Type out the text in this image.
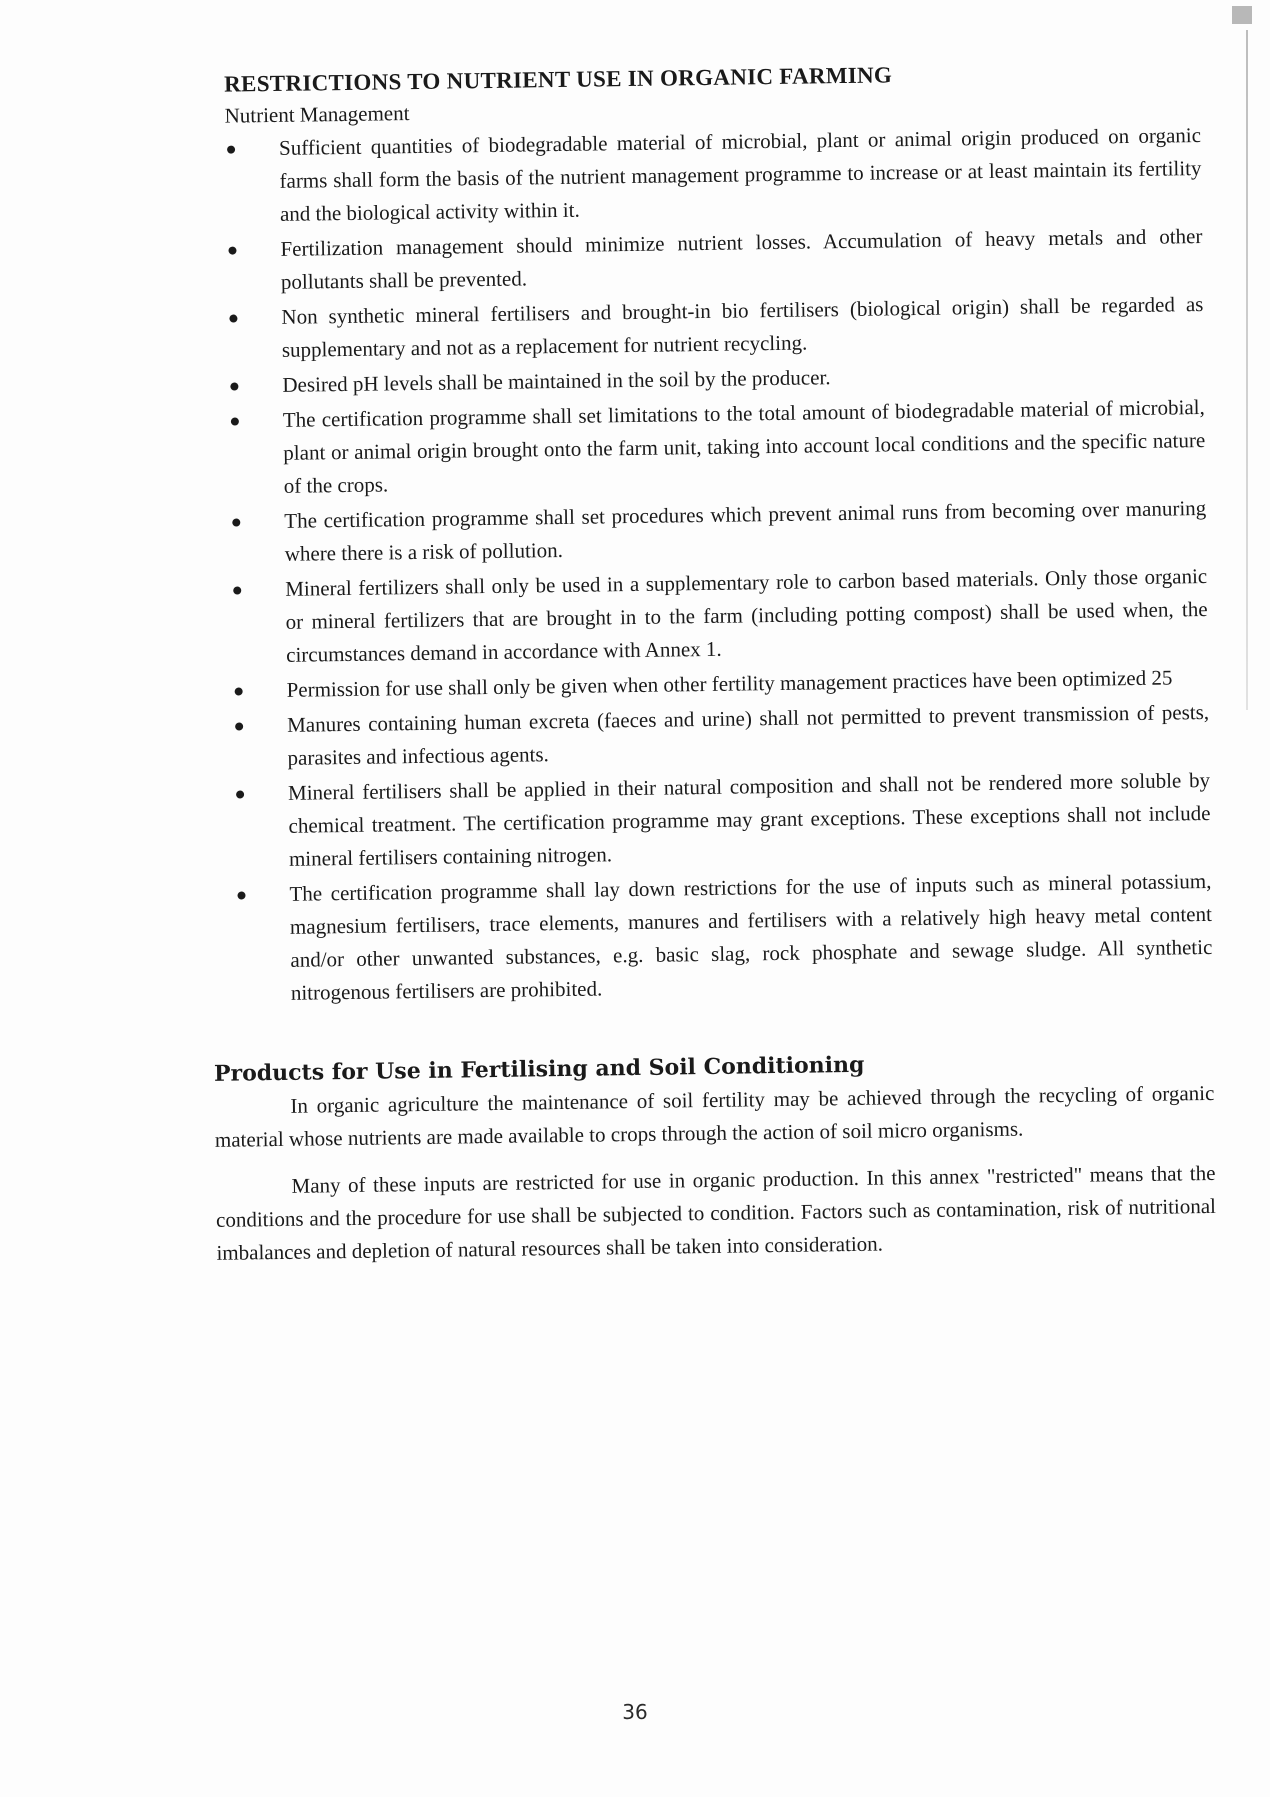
RESTRICTIONS TO NUTRIENT USE IN ORGANIC FARMING
Nutrient Management
Sufficient quantities of biodegradable material of microbial, plant or animal origin produced on organic farms shall form the basis of the nutrient management programme to increase or at least maintain its fertility and the biological activity within it.
Fertilization management should minimize nutrient losses. Accumulation of heavy metals and other pollutants shall be prevented.
Non synthetic mineral fertilisers and brought-in bio fertilisers (biological origin) shall be regarded as supplementary and not as a replacement for nutrient recycling.
Desired pH levels shall be maintained in the soil by the producer.
The certification programme shall set limitations to the total amount of biodegradable material of microbial, plant or animal origin brought onto the farm unit, taking into account local conditions and the specific nature of the crops.
The certification programme shall set procedures which prevent animal runs from becoming over manuring where there is a risk of pollution.
Mineral fertilizers shall only be used in a supplementary role to carbon based materials. Only those organic or mineral fertilizers that are brought in to the farm (including potting compost) shall be used when, the circumstances demand in accordance with Annex 1.
Permission for use shall only be given when other fertility management practices have been optimized 25
Manures containing human excreta (faeces and urine) shall not permitted to prevent transmission of pests, parasites and infectious agents.
Mineral fertilisers shall be applied in their natural composition and shall not be rendered more soluble by chemical treatment. The certification programme may grant exceptions. These exceptions shall not include mineral fertilisers containing nitrogen.
The certification programme shall lay down restrictions for the use of inputs such as mineral potassium, magnesium fertilisers, trace elements, manures and fertilisers with a relatively high heavy metal content and/or other unwanted substances, e.g. basic slag, rock phosphate and sewage sludge. All synthetic nitrogenous fertilisers are prohibited.
Products for Use in Fertilising and Soil Conditioning

In organic agriculture the maintenance of soil fertility may be achieved through the recycling of organic material whose nutrients are made available to crops through the action of soil micro organisms.

Many of these inputs are restricted for use in organic production. In this annex "restricted" means that the conditions and the procedure for use shall be subjected to condition. Factors such as contamination, risk of nutritional imbalances and depletion of natural resources shall be taken into consideration.

36
